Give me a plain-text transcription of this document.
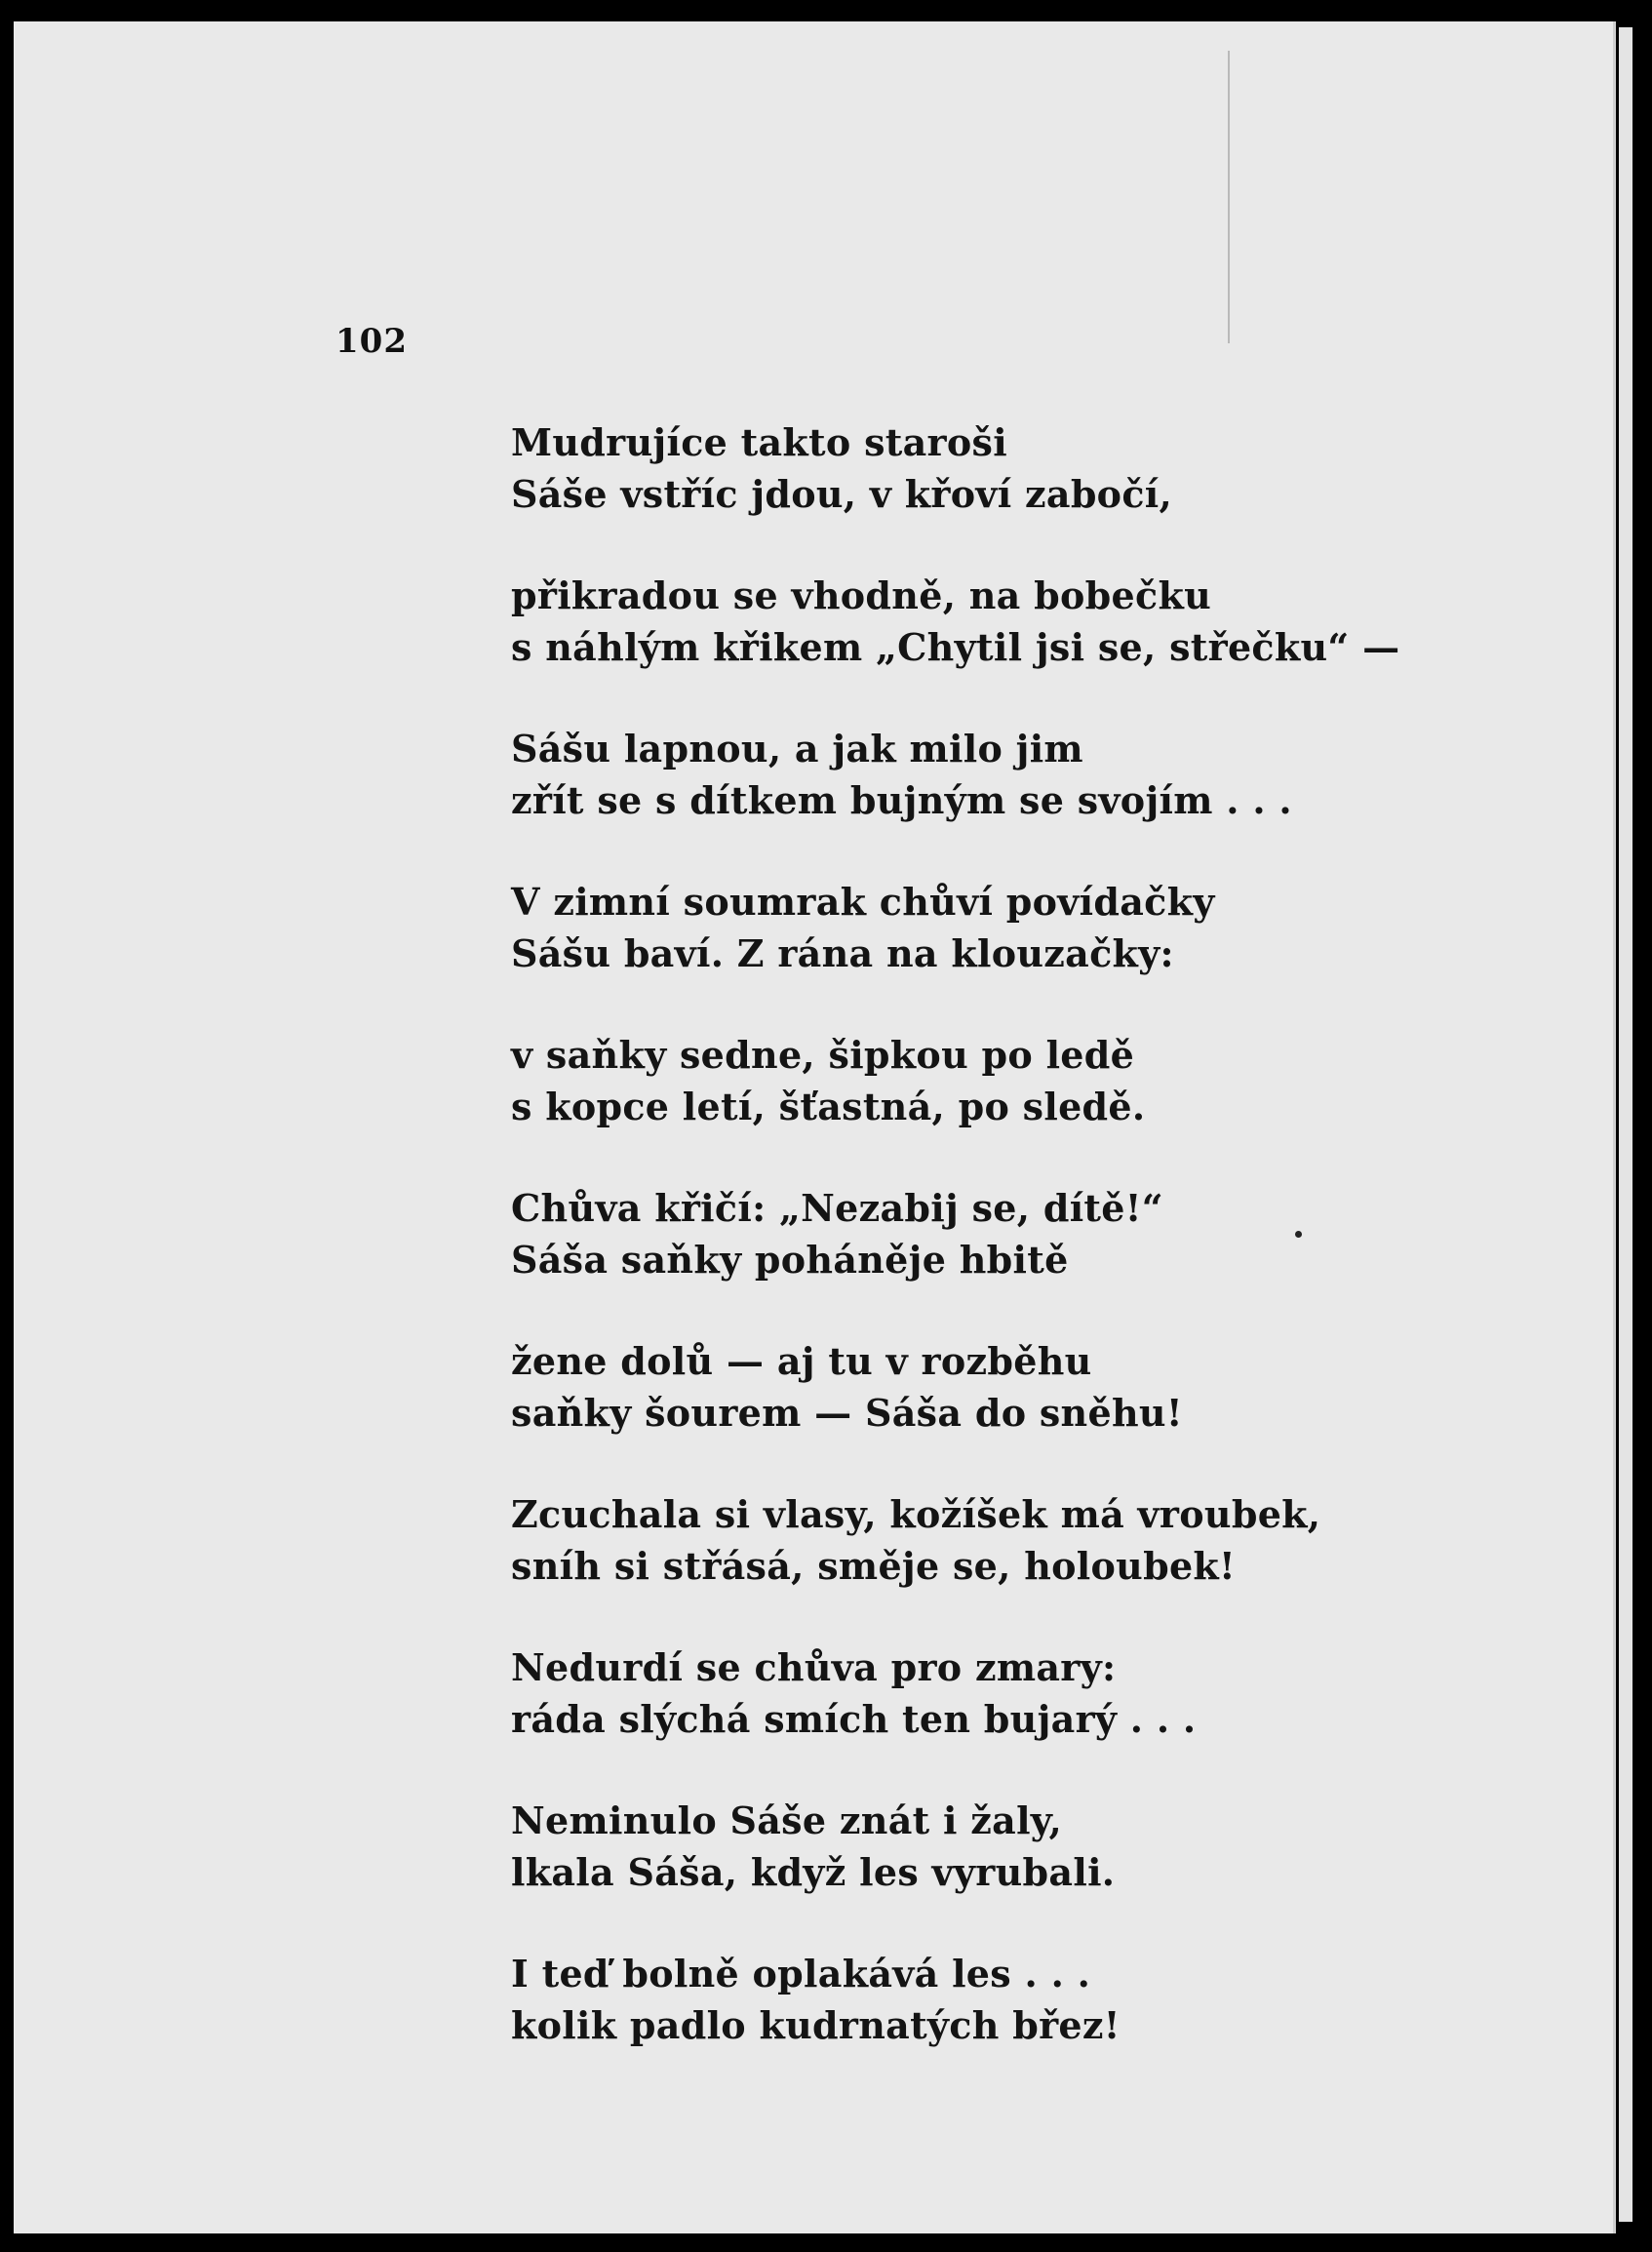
102
Mudrujíce takto staroši
Sáše vstříc jdou, v křoví zabočí,
přikradou se vhodně, na bobečku
s náhlým křikem „Chytil jsi se, střečku“ —
Sášu lapnou, a jak milo jim
zřít se s dítkem bujným se svojím . . .
V zimní soumrak chůví povídačky
Sášu baví. Z rána na klouzačky:
v saňky sedne, šipkou po ledě
s kopce letí, šťastná, po sledě.
Chůva křičí: „Nezabij se, dítě!“
Sáša saňky poháněje hbitě
žene dolů — aj tu v rozběhu
saňky šourem — Sáša do sněhu!
Zcuchala si vlasy, kožíšek má vroubek,
sníh si střásá, směje se, holoubek!
Nedurdí se chůva pro zmary:
ráda slýchá smích ten bujarý . . .
Neminulo Sáše znát i žaly,
lkala Sáša, když les vyrubali.
I teď bolně oplakává les . . .
kolik padlo kudrnatých břez!
